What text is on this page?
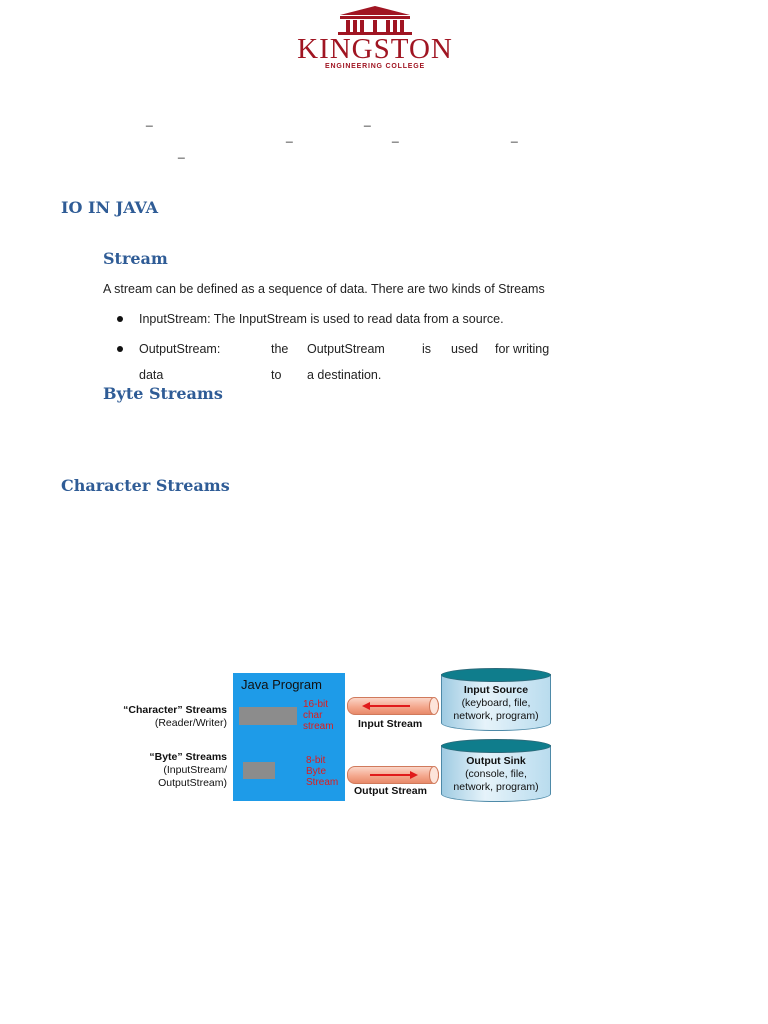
KINGSTON
ENGINEERING COLLEGE
_	_
_	_	_
_
IO IN JAVA
Stream
A stream can be defined as a sequence of data. There are two kinds of Streams
InputStream: The InputStream is used to read data from a source.
OutputStream:	the OutputStream	is used for writing
data	to a destination.
Byte Streams
Character Streams
“Character” Streams
(Reader/Writer)
“Byte” Streams
(InputStream/
OutputStream)
Java Program
16-bit
char
stream
8-bit
Byte
Stream
Input Stream
Output Stream
Input Source
(keyboard, file,
network, program)
Output Sink
(console, file,
network, program)
